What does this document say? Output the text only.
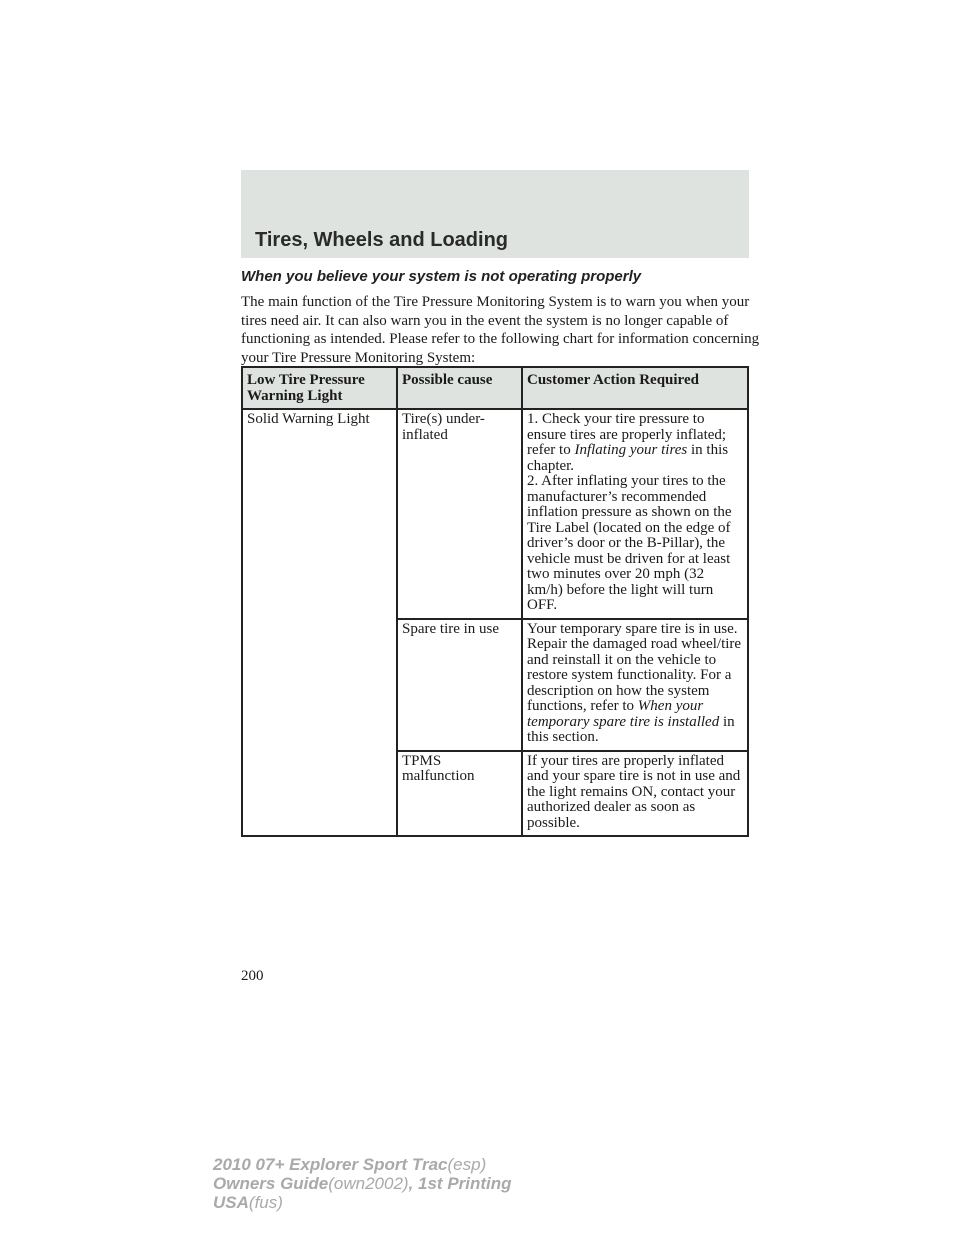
Tires, Wheels and Loading
When you believe your system is not operating properly

The main function of the Tire Pressure Monitoring System is to warn you when your tires need air. It can also warn you in the event the system is no longer capable of functioning as intended. Please refer to the following chart for information concerning your Tire Pressure Monitoring System:

Low Tire Pressure Warning Light	Possible cause	Customer Action Required
Solid Warning Light	Tire(s) under-inflated	1. Check your tire pressure to ensure tires are properly inflated; refer to Inflating your tires in this chapter.
2. After inflating your tires to the manufacturer’s recommended inflation pressure as shown on the Tire Label (located on the edge of driver’s door or the B-Pillar), the vehicle must be driven for at least two minutes over 20 mph (32 km/h) before the light will turn OFF.
	Spare tire in use	Your temporary spare tire is in use. Repair the damaged road wheel/tire and reinstall it on the vehicle to restore system functionality. For a description on how the system functions, refer to When your temporary spare tire is installed in this section.
	TPMS malfunction	If your tires are properly inflated and your spare tire is not in use and the light remains ON, contact your authorized dealer as soon as possible.
200
2010 07+ Explorer Sport Trac(esp)
Owners Guide(own2002), 1st Printing
USA(fus)
